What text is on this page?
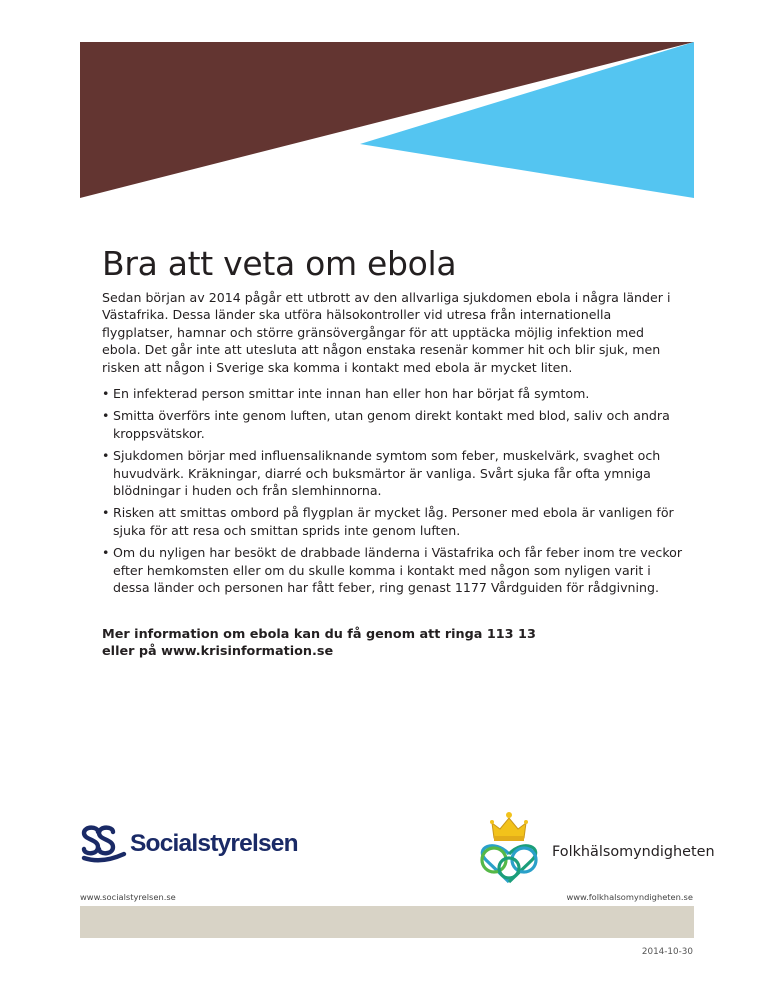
Bra att veta om ebola

Sedan början av 2014 pågår ett utbrott av den allvarliga sjukdomen ebola i några länder i Västafrika. Dessa länder ska utföra hälsokontroller vid utresa från internationella flygplatser, hamnar och större gränsövergångar för att upptäcka möjlig infektion med ebola. Det går inte att utesluta att någon enstaka resenär kommer hit och blir sjuk, men risken att någon i Sverige ska komma i kontakt med ebola är mycket liten.

• En infekterad person smittar inte innan han eller hon har börjat få symtom.
• Smitta överförs inte genom luften, utan genom direkt kontakt med blod, saliv och andra kroppsvätskor.
• Sjukdomen börjar med influensaliknande symtom som feber, muskelvärk, svaghet och huvudvärk. Kräkningar, diarré och buksmärtor är vanliga. Svårt sjuka får ofta ymniga blödningar i huden och från slemhinnorna.
• Risken att smittas ombord på flygplan är mycket låg. Personer med ebola är vanligen för sjuka för att resa och smittan sprids inte genom luften.
• Om du nyligen har besökt de drabbade länderna i Västafrika och får feber inom tre veckor efter hemkomsten eller om du skulle komma i kontakt med någon som nyligen varit i dessa länder och personen har fått feber, ring genast 1177 Vårdguiden för rådgivning.

Mer information om ebola kan du få genom att ringa 113 13
eller på www.krisinformation.se

Socialstyrelsen	Folkhälsomyndigheten
www.socialstyrelsen.se	www.folkhalsomyndigheten.se
2014-10-30
